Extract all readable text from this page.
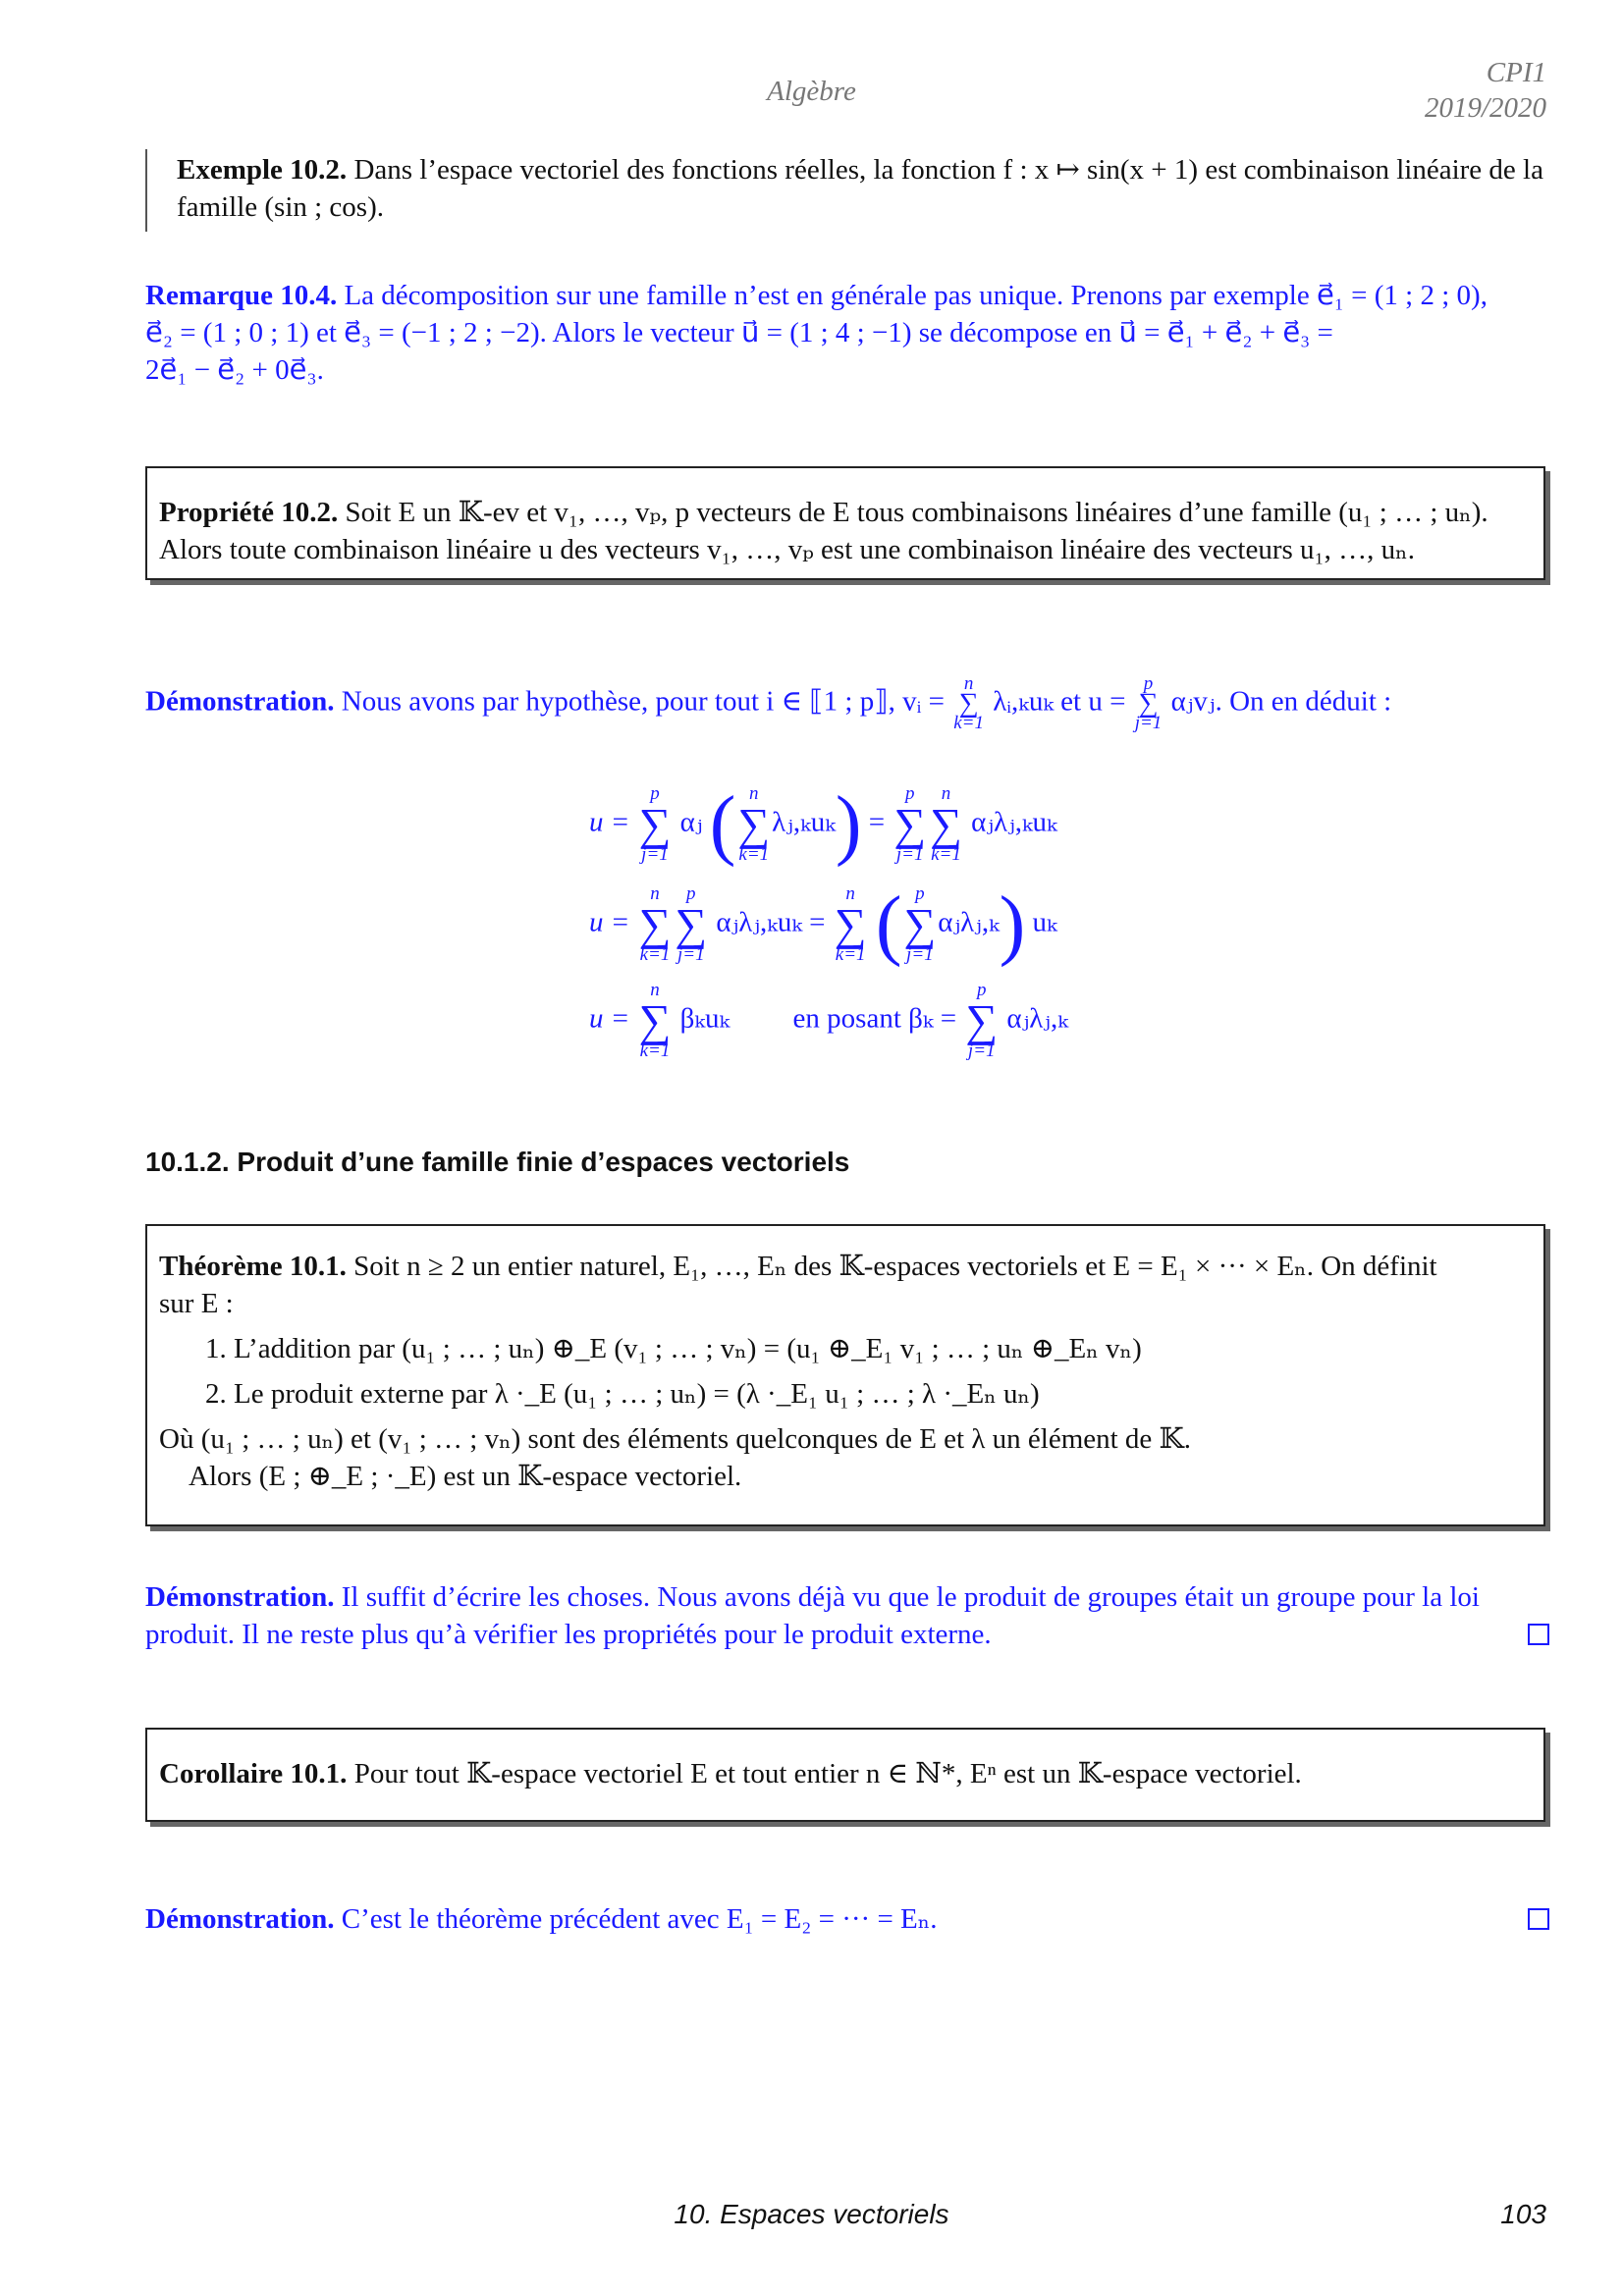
Algèbre
CPI1
2019/2020
Exemple 10.2. Dans l’espace vectoriel des fonctions réelles, la fonction f : x ↦ sin(x + 1) est combinaison linéaire de la famille (sin ; cos).
Remarque 10.4. La décomposition sur une famille n’est en générale pas unique. Prenons par exemple e⃗₁ = (1 ; 2 ; 0),
e⃗₂ = (1 ; 0 ; 1) et e⃗₃ = (−1 ; 2 ; −2). Alors le vecteur u⃗ = (1 ; 4 ; −1) se décompose en u⃗ = e⃗₁ + e⃗₂ + e⃗₃ =
2e⃗₁ − e⃗₂ + 0e⃗₃.
Propriété 10.2. Soit E un 𝕂-ev et v₁, …, vₚ, p vecteurs de E tous combinaisons linéaires d’une famille (u₁ ; … ; uₙ).
Alors toute combinaison linéaire u des vecteurs v₁, …, vₚ est une combinaison linéaire des vecteurs u₁, …, uₙ.
Démonstration. Nous avons par hypothèse, pour tout i ∈ ⟦1 ; p⟧, vᵢ =
n
∑
k=1
λᵢ,ₖuₖ et u =
p
∑
j=1
αⱼvⱼ. On en déduit :
u =
p
∑
j=1
αⱼ ( n
∑
k=1
λⱼ,ₖuₖ) =
p
∑
j=1
n
∑
k=1
αⱼλⱼ,ₖuₖ
u =
n
∑
k=1
p
∑
j=1
αⱼλⱼ,ₖuₖ =
n
∑
k=1 ( p
∑
j=1
αⱼλⱼ,ₖ) uₖ
u =
n
∑
k=1
βₖuₖ en posant βₖ =
p
∑
j=1
αⱼλⱼ,ₖ
10.1.2. Produit d’une famille finie d’espaces vectoriels
Théorème 10.1. Soit n ≥ 2 un entier naturel, E₁, …, Eₙ des 𝕂-espaces vectoriels et E = E₁ × ··· × Eₙ. On définit
sur E :
1. L’addition par (u₁ ; … ; uₙ) ⊕_E (v₁ ; … ; vₙ) = (u₁ ⊕_E₁ v₁ ; … ; uₙ ⊕_Eₙ vₙ)
2. Le produit externe par λ ·_E (u₁ ; … ; uₙ) = (λ ·_E₁ u₁ ; … ; λ ·_Eₙ uₙ)
Où (u₁ ; … ; uₙ) et (v₁ ; … ; vₙ) sont des éléments quelconques de E et λ un élément de 𝕂.
Alors (E ; ⊕_E ; ·_E) est un 𝕂-espace vectoriel.
Démonstration. Il suffit d’écrire les choses. Nous avons déjà vu que le produit de groupes était un groupe pour la loi
produit. Il ne reste plus qu’à vérifier les propriétés pour le produit externe.
Corollaire 10.1. Pour tout 𝕂-espace vectoriel E et tout entier n ∈ ℕ*, Eⁿ est un 𝕂-espace vectoriel.
Démonstration. C’est le théorème précédent avec E₁ = E₂ = ··· = Eₙ.
10. Espaces vectoriels	103
